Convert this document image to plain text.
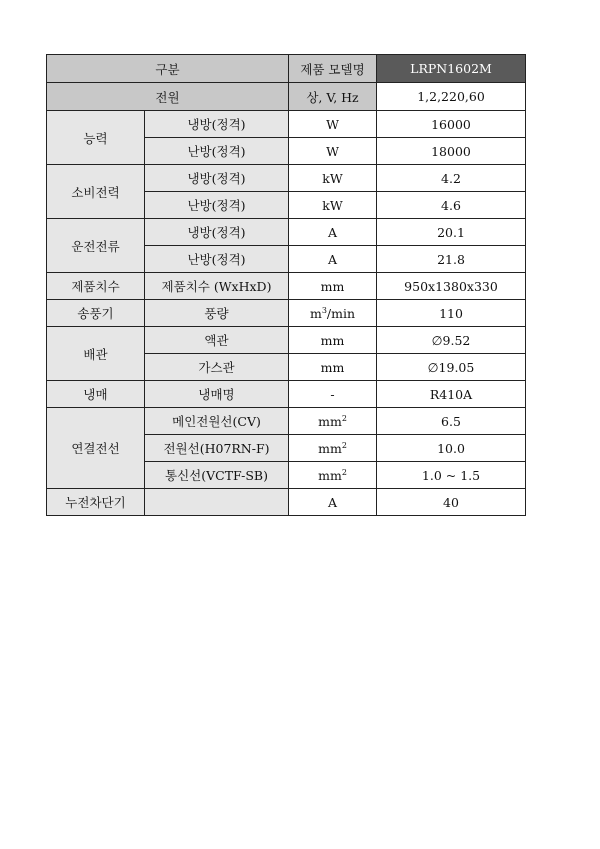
구분		제품 모델명	LRPN1602M
전원		상, V, Hz	1,2,220,60
능력	냉방(정격)	W	16000
	난방(정격)	W	18000
소비전력	냉방(정격)	kW	4.2
	난방(정격)	kW	4.6
운전전류	냉방(정격)	A	20.1
	난방(정격)	A	21.8
제품치수	제품치수 (WxHxD)	mm	950x1380x330
송풍기	풍량	$m^3/\min$	110
배관	액관	mm	∅9.52
	가스관	mm	∅19.05
냉매	냉매명	-	R410A
연결전선	메인전원선(CV)	$mm^2$	6.5
	전원선(H07RN-F)	$mm^2$	10.0
	통신선(VCTF-SB)	$mm^2$	1.0 ~ 1.5
누전차단기		A	40
